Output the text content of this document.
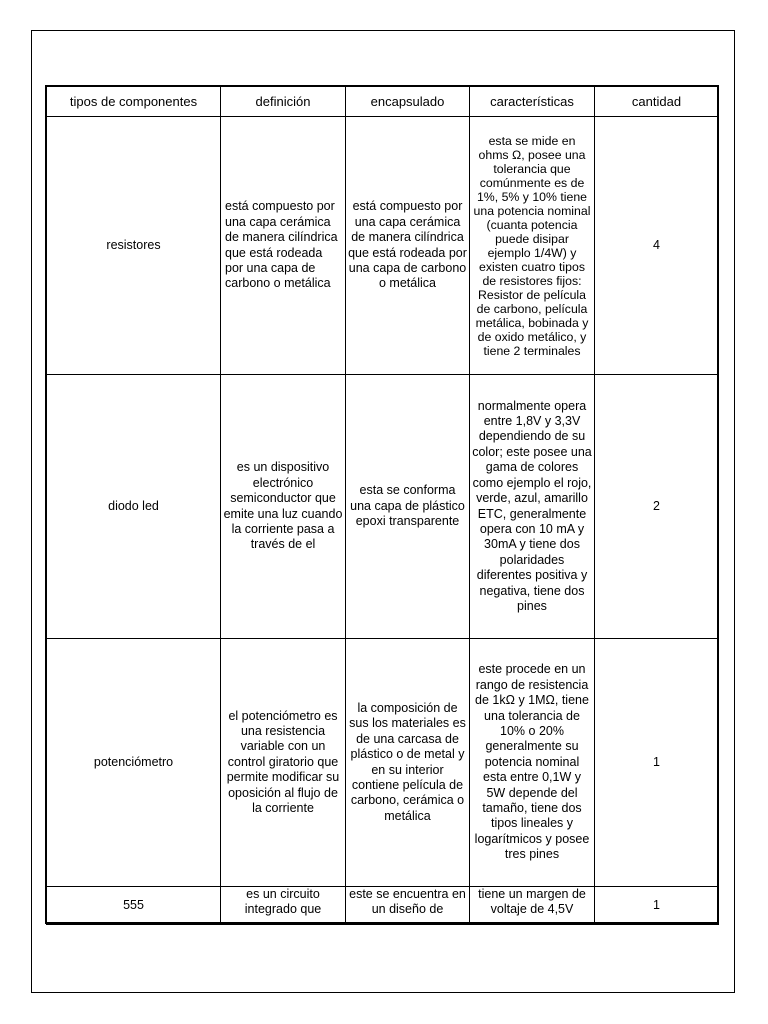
tipos de componentes	definición	encapsulado	características	cantidad
resistores	está compuesto por una capa cerámica de manera cilíndrica que está rodeada por una capa de carbono o metálica	está compuesto por una capa cerámica de manera cilíndrica que está rodeada por una capa de carbono o metálica	esta se mide en ohms Ω, posee una tolerancia que comúnmente es de 1%, 5% y 10% tiene una potencia nominal (cuanta potencia puede disipar ejemplo 1/4W) y existen cuatro tipos de resistores fijos: Resistor de película de carbono, película metálica, bobinada y de oxido metálico, y tiene 2 terminales	4
diodo led	es un dispositivo electrónico semiconductor que emite una luz cuando la corriente pasa a través de el	esta se conforma una capa de plástico epoxi transparente	normalmente opera entre 1,8V y 3,3V dependiendo de su color; este posee una gama de colores como ejemplo el rojo, verde, azul, amarillo ETC, generalmente opera con 10 mA y 30mA y tiene dos polaridades diferentes positiva y negativa, tiene dos pines	2
potenciómetro	el potenciómetro es una resistencia variable con un control giratorio que permite modificar su oposición al flujo de la corriente	la composición de sus los materiales es de una carcasa de plástico o de metal y en su interior contiene película de carbono, cerámica o metálica	este procede en un rango de resistencia de 1kΩ y 1MΩ, tiene una tolerancia de 10% o 20% generalmente su potencia nominal esta entre 0,1W y 5W depende del tamaño, tiene dos tipos lineales y logarítmicos y posee tres pines	1
555	es un circuito integrado que	este se encuentra en un diseño de	tiene un margen de voltaje de 4,5V	1
